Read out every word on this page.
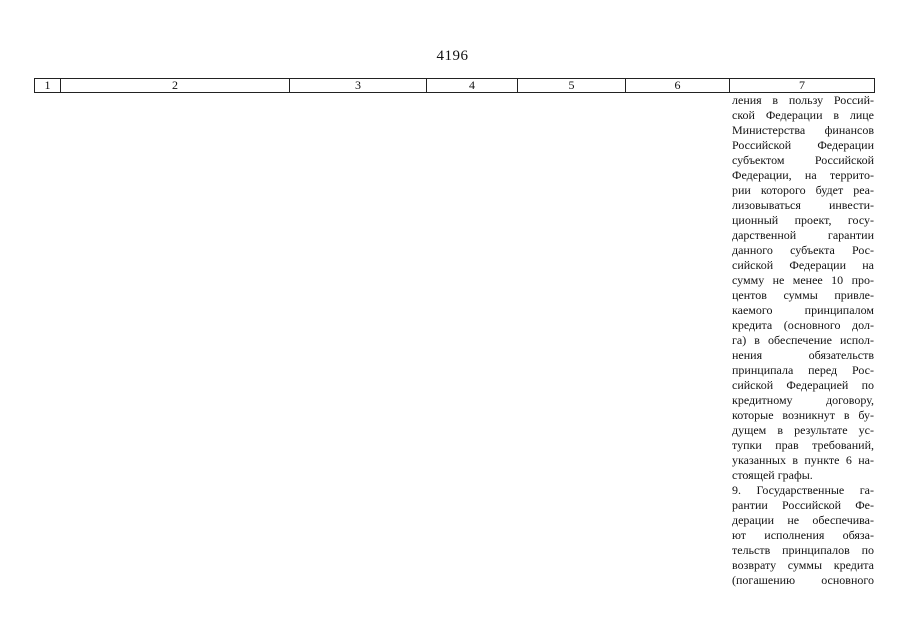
4196
1	2	3	4	5	6	7
ления в пользу Россий-
ской Федерации в лице
Министерства финансов
Российской Федерации
субъектом Российской
Федерации, на террито-
рии которого будет реа-
лизовываться инвести-
ционный проект, госу-
дарственной гарантии
данного субъекта Рос-
сийской Федерации на
сумму не менее 10 про-
центов суммы привле-
каемого принципалом
кредита (основного дол-
га) в обеспечение испол-
нения обязательств
принципала перед Рос-
сийской Федерацией по
кредитному договору,
которые возникнут в бу-
дущем в результате ус-
тупки прав требований,
указанных в пункте 6 на-
стоящей графы.
9. Государственные га-
рантии Российской Фе-
дерации не обеспечива-
ют исполнения обяза-
тельств принципалов по
возврату суммы кредита
(погашению основного
